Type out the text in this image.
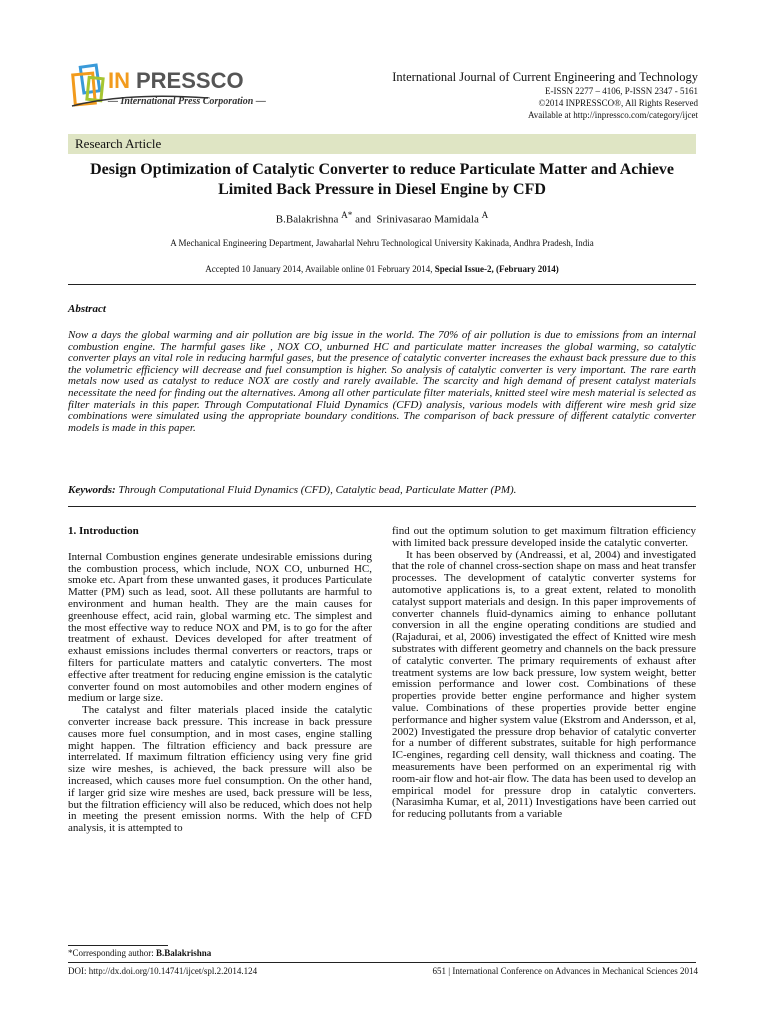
IN PRESSCO
— International Press Corporation —
International Journal of Current Engineering and Technology
E-ISSN 2277 – 4106, P-ISSN 2347 - 5161
©2014 INPRESSCO®, All Rights Reserved
Available at http://inpressco.com/category/ijcet
Research Article
Design Optimization of Catalytic Converter to reduce Particulate Matter and Achieve Limited Back Pressure in Diesel Engine by CFD
B.Balakrishna $^{A*}$ and  Srinivasarao Mamidala $^A$
A Mechanical Engineering Department, Jawaharlal Nehru Technological University Kakinada, Andhra Pradesh, India
Accepted 10 January 2014, Available online 01 February 2014, Special Issue-2, (February 2014)
Abstract
Now a days the global warming and air pollution are big issue in the world. The 70% of air pollution is due to emissions from an internal combustion engine. The harmful gases like , NOX CO, unburned HC and particulate matter increases the global warming, so catalytic converter plays an vital role in reducing harmful gases, but the presence of catalytic converter increases the exhaust back pressure due to this the volumetric efficiency will decrease and fuel consumption is higher. So analysis of catalytic converter is very important. The rare earth metals now used as catalyst to reduce NOX are costly and rarely available. The scarcity and high demand of present catalyst materials necessitate the need for finding out the alternatives. Among all other particulate filter materials, knitted steel wire mesh material is selected as filter materials in this paper. Through Computational Fluid Dynamics (CFD) analysis, various models with different wire mesh grid size combinations were simulated using the appropriate boundary conditions. The comparison of back pressure of different catalytic converter models is made in this paper.
Keywords: Through Computational Fluid Dynamics (CFD), Catalytic bead, Particulate Matter (PM).

1. Introduction

Internal Combustion engines generate undesirable emissions during the combustion process, which include, NOX CO, unburned HC, smoke etc. Apart from these unwanted gases, it produces Particulate Matter (PM) such as lead, soot. All these pollutants are harmful to environment and human health. They are the main causes for greenhouse effect, acid rain, global warming etc. The simplest and the most effective way to reduce NOX and PM, is to go for the after treatment of exhaust. Devices developed for after treatment of exhaust emissions includes thermal converters or reactors, traps or filters for particulate matters and catalytic converters. The most effective after treatment for reducing engine emission is the catalytic converter found on most automobiles and other modern engines of medium or large size.

The catalyst and filter materials placed inside the catalytic converter increase back pressure. This increase in back pressure causes more fuel consumption, and in most cases, engine stalling might happen. The filtration efficiency and back pressure are interrelated. If maximum filtration efficiency using very fine grid size wire meshes, is achieved, the back pressure will also be increased, which causes more fuel consumption. On the other hand, if larger grid size wire meshes are used, back pressure will be less, but the filtration efficiency will also be reduced, which does not help in meeting the present emission norms. With the help of CFD analysis, it is attempted to

find out the optimum solution to get maximum filtration efficiency with limited back pressure developed inside the catalytic converter.

It has been observed by (Andreassi, et al, 2004) and investigated that the role of channel cross-section shape on mass and heat transfer processes. The development of catalytic converter systems for automotive applications is, to a great extent, related to monolith catalyst support materials and design. In this paper improvements of converter channels fluid-dynamics aiming to enhance pollutant conversion in all the engine operating conditions are studied and (Rajadurai, et al, 2006) investigated the effect of Knitted wire mesh substrates with different geometry and channels on the back pressure of catalytic converter. The primary requirements of exhaust after treatment systems are low back pressure, low system weight, better emission performance and lower cost. Combinations of these properties provide better engine performance and higher system value. Combinations of these properties provide better engine performance and higher system value (Ekstrom and Andersson, et al, 2002) Investigated the pressure drop behavior of catalytic converter for a number of different substrates, suitable for high performance IC-engines, regarding cell density, wall thickness and coating. The measurements have been performed on an experimental rig with room-air flow and hot-air flow. The data has been used to develop an empirical model for pressure drop in catalytic converters. (Narasimha Kumar, et al, 2011) Investigations have been carried out for reducing pollutants from a variable

*Corresponding author: B.Balakrishna
DOI: http://dx.doi.org/10.14741/ijcet/spl.2.2014.124	651 | International Conference on Advances in Mechanical Sciences 2014
